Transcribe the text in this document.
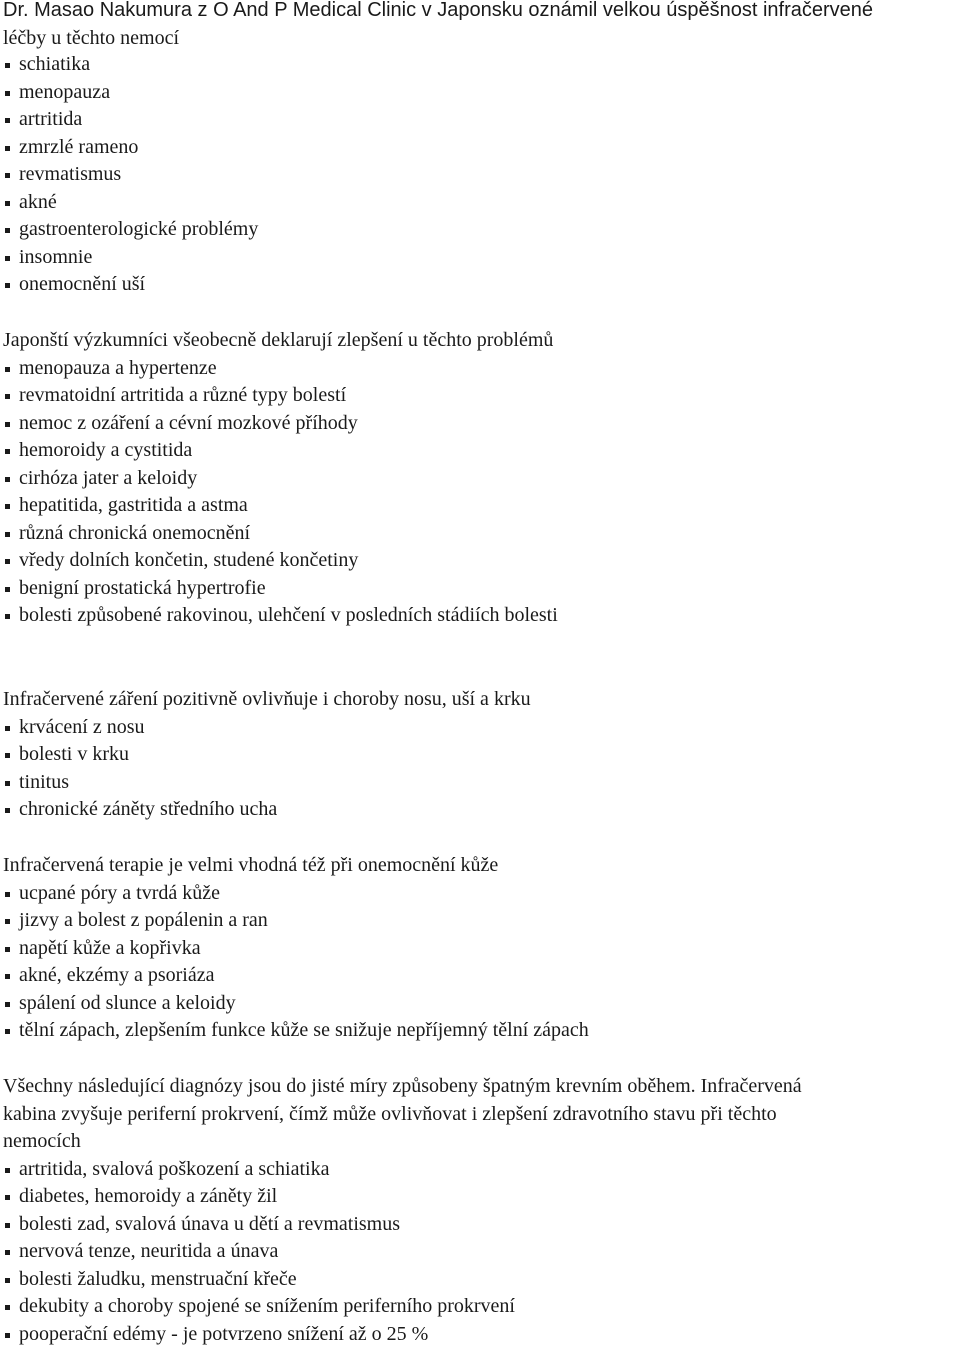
Dr. Masao Nakumura z O And P Medical Clinic v Japonsku oznámil velkou úspěšnost infračervené
léčby u těchto nemocí
schiatika
menopauza
artritida
zmrzlé rameno
revmatismus
akné
gastroenterologické problémy
insomnie
onemocnění uší
Japonští výzkumníci všeobecně deklarují zlepšení u těchto problémů
menopauza a hypertenze
revmatoidní artritida a různé typy bolestí
nemoc z ozáření a cévní mozkové příhody
hemoroidy a cystitida
cirhóza jater a keloidy
hepatitida, gastritida a astma
různá chronická onemocnění
vředy dolních končetin, studené končetiny
benigní prostatická hypertrofie
bolesti způsobené rakovinou, ulehčení v posledních stádiích bolesti
Infračervené záření pozitivně ovlivňuje i choroby nosu, uší a krku
krvácení z nosu
bolesti v krku
tinitus
chronické záněty středního ucha
Infračervená terapie je velmi vhodná též při onemocnění kůže
ucpané póry a tvrdá kůže
jizvy a bolest z popálenin a ran
napětí kůže a kopřivka
akné, ekzémy a psoriáza
spálení od slunce a keloidy
tělní zápach, zlepšením funkce kůže se snižuje nepříjemný tělní zápach
Všechny následující diagnózy jsou do jisté míry způsobeny špatným krevním oběhem. Infračervená
kabina zvyšuje periferní prokrvení, čímž může ovlivňovat i zlepšení zdravotního stavu při těchto
nemocích
artritida, svalová poškození a schiatika
diabetes, hemoroidy a záněty žil
bolesti zad, svalová únava u dětí a revmatismus
nervová tenze, neuritida a únava
bolesti žaludku, menstruační křeče
dekubity a choroby spojené se snížením periferního prokrvení
pooperační edémy - je potvrzeno snížení až o 25 %
